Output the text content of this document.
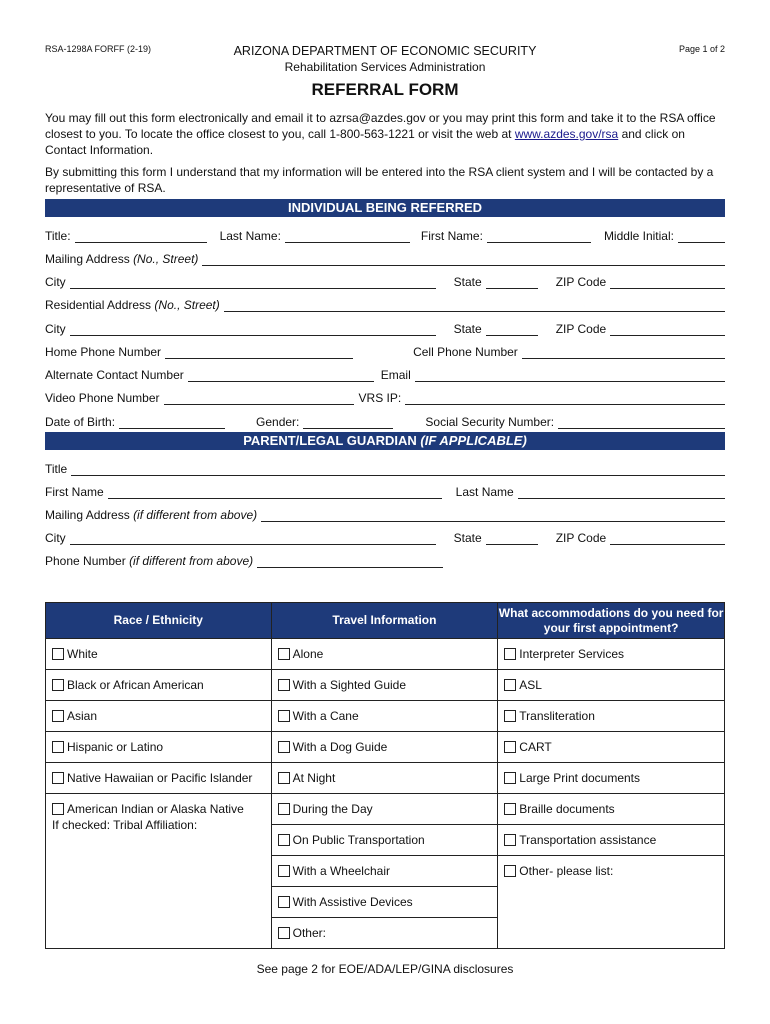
RSA-1298A FORFF (2-19)	ARIZONA DEPARTMENT OF ECONOMIC SECURITY
Rehabilitation Services Administration
Page 1 of 2
REFERRAL FORM
You may fill out this form electronically and email it to azrsa@azdes.gov or you may print this form and take it to the RSA office closest to you. To locate the office closest to you, call 1-800-563-1221 or visit the web at www.azdes.gov/rsa and click on Contact Information.
By submitting this form I understand that my information will be entered into the RSA client system and I will be contacted by a representative of RSA.
INDIVIDUAL BEING REFERRED
Title:	Last Name:	First Name:	Middle Initial:
Mailing Address (No., Street)
City	State	ZIP Code
Residential Address (No., Street)
City	State	ZIP Code
Home Phone Number	Cell Phone Number
Alternate Contact Number	Email
Video Phone Number	VRS IP:
Date of Birth:	Gender:	Social Security Number:
PARENT/LEGAL GUARDIAN (IF APPLICABLE)
Title
First Name	Last Name
Mailing Address (if different from above)
City	State	ZIP Code
Phone Number (if different from above)
Race / Ethnicity	Travel Information	What accommodations do you need for your first appointment?

White	Alone	Interpreter Services

Black or African American	With a Sighted Guide	ASL

Asian	With a Cane	Transliteration

Hispanic or Latino	With a Dog Guide	CART

Native Hawaiian or Pacific Islander	At Night	Large Print documents

American Indian or Alaska Native
If checked: Tribal Affiliation:	During the Day	Braille documents

	On Public Transportation	Transportation assistance

	With a Wheelchair	Other- please list:

	With Assistive Devices	

	Other:	
See page 2 for EOE/ADA/LEP/GINA disclosures
